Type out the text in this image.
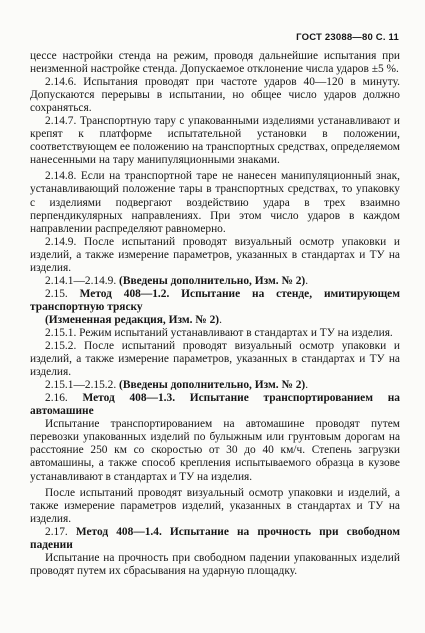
ГОСТ 23088—80 С. 11

цессе настройки стенда на режим, проводя дальнейшие испытания при неизменной настройке стенда. Допускаемое отклонение числа ударов ±5 %.

2.14.6. Испытания проводят при частоте ударов 40—120 в минуту. Допускаются перерывы в испытании, но общее число ударов должно сохраняться.

2.14.7. Транспортную тару с упакованными изделиями устанавливают и крепят к платформе испытательной установки в положении, соответствующем ее положению на транспортных средствах, определяемом нанесенными на тару манипуляционными знаками.

2.14.8. Если на транспортной таре не нанесен манипуляционный знак, устанавливающий положение тары в транспортных средствах, то упаковку с изделиями подвергают воздействию удара в трех взаимно перпендикулярных направлениях. При этом число ударов в каждом направлении распределяют равномерно.

2.14.9. После испытаний проводят визуальный осмотр упаковки и изделий, а также измерение параметров, указанных в стандартах и ТУ на изделия.

2.14.1—2.14.9. (Введены дополнительно, Изм. № 2).

2.15. Метод 408—1.2. Испытание на стенде, имитирующем транспортную тряску

(Измененная редакция, Изм. № 2).

2.15.1. Режим испытаний устанавливают в стандартах и ТУ на изделия.

2.15.2. После испытаний проводят визуальный осмотр упаковки и изделий, а также измерение параметров, указанных в стандартах и ТУ на изделия.

2.15.1—2.15.2. (Введены дополнительно, Изм. № 2).

2.16. Метод 408—1.3. Испытание транспортированием на автомашине

Испытание транспортированием на автомашине проводят путем перевозки упакованных изделий по булыжным или грунтовым дорогам на расстояние 250 км со скоростью от 30 до 40 км/ч. Степень загрузки автомашины, а также способ крепления испытываемого образца в кузове устанавливают в стандартах и ТУ на изделия.

После испытаний проводят визуальный осмотр упаковки и изделий, а также измерение параметров изделий, указанных в стандартах и ТУ на изделия.

2.17. Метод 408—1.4. Испытание на прочность при свободном падении

Испытание на прочность при свободном падении упакованных изделий проводят путем их сбрасывания на ударную площадку.
